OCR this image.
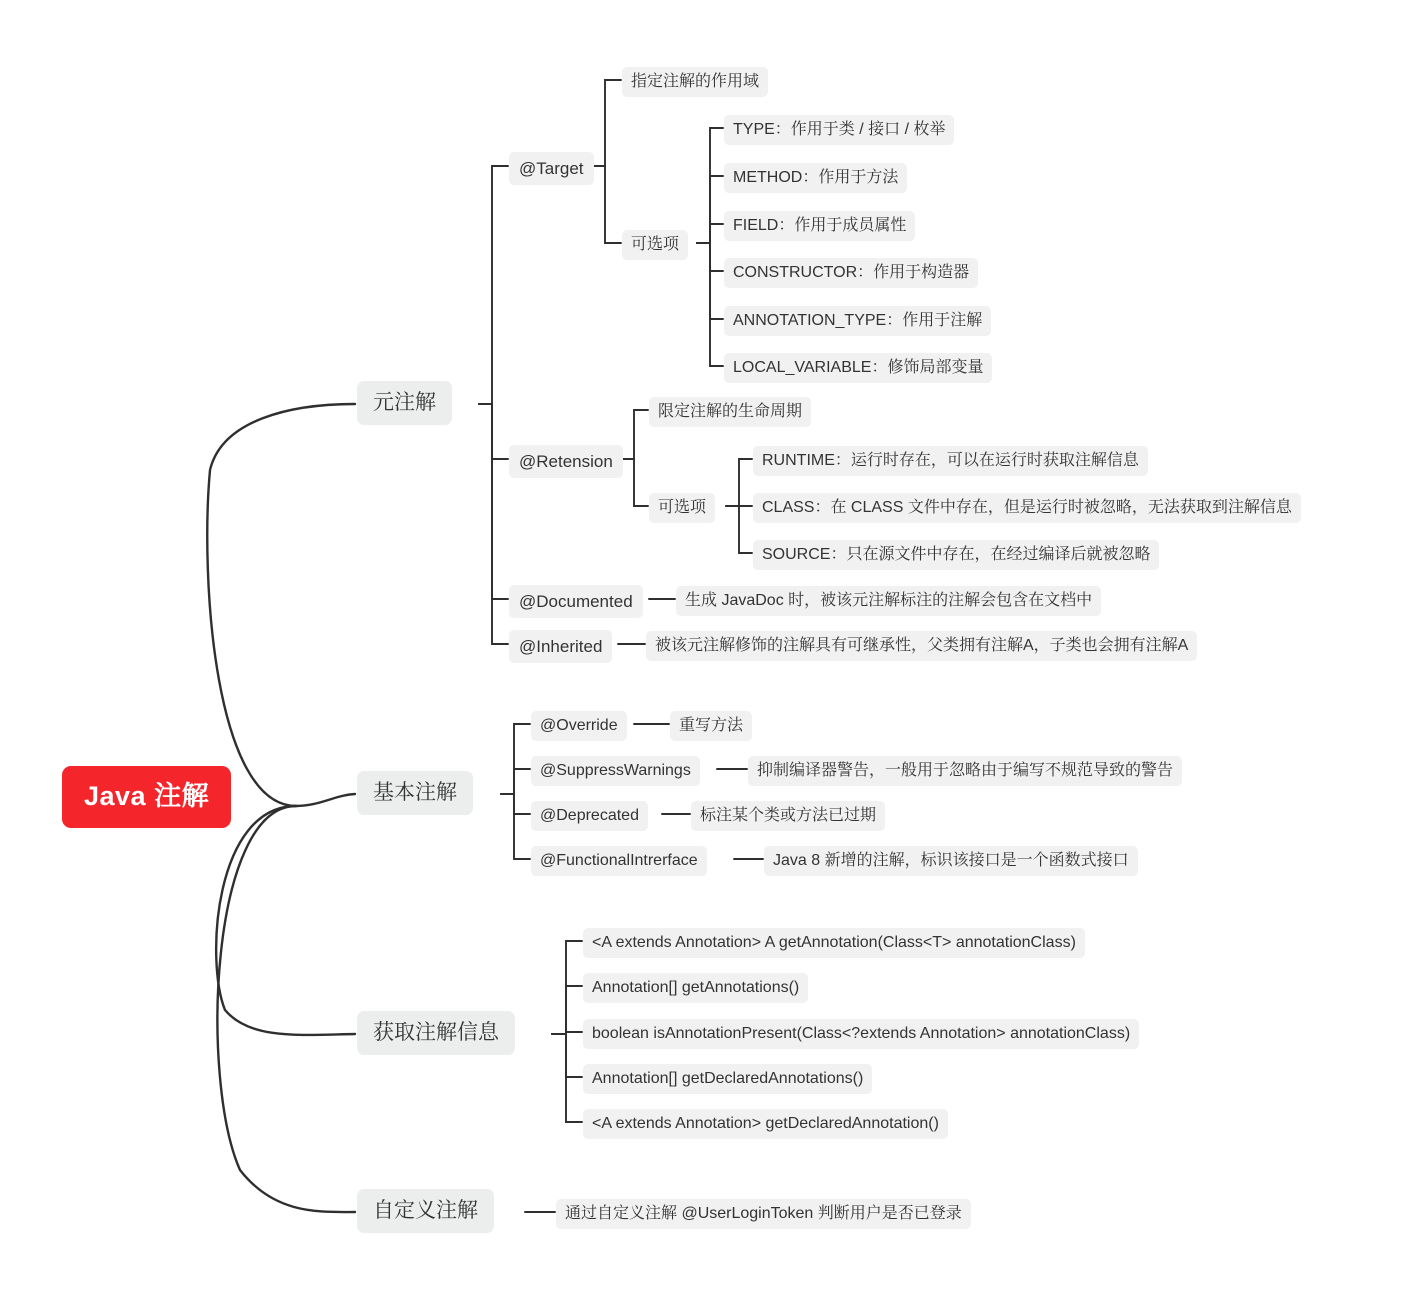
Java 注解
元注解
基本注解
获取注解信息
自定义注解
@Target
@Retension
@Documented
@Inherited
指定注解的作用域
可选项
TYPE：作用于类 / 接口 / 枚举
METHOD：作用于方法
FIELD：作用于成员属性
CONSTRUCTOR：作用于构造器
ANNOTATION_TYPE：作用于注解
LOCAL_VARIABLE：修饰局部变量
限定注解的生命周期
可选项
RUNTIME：运行时存在，可以在运行时获取注解信息
CLASS：在 CLASS 文件中存在，但是运行时被忽略，无法获取到注解信息
SOURCE：只在源文件中存在，在经过编译后就被忽略
生成 JavaDoc 时，被该元注解标注的注解会包含在文档中
被该元注解修饰的注解具有可继承性，父类拥有注解A，子类也会拥有注解A
@Override
@SuppressWarnings
@Deprecated
@FunctionalIntrerface
重写方法
抑制编译器警告，一般用于忽略由于编写不规范导致的警告
标注某个类或方法已过期
Java 8 新增的注解，标识该接口是一个函数式接口
<A extends Annotation> A getAnnotation(Class<T> annotationClass)
Annotation[] getAnnotations()
boolean isAnnotationPresent(Class<?extends Annotation> annotationClass)
Annotation[] getDeclaredAnnotations()
<A extends Annotation> getDeclaredAnnotation()
通过自定义注解 @UserLoginToken 判断用户是否已登录
